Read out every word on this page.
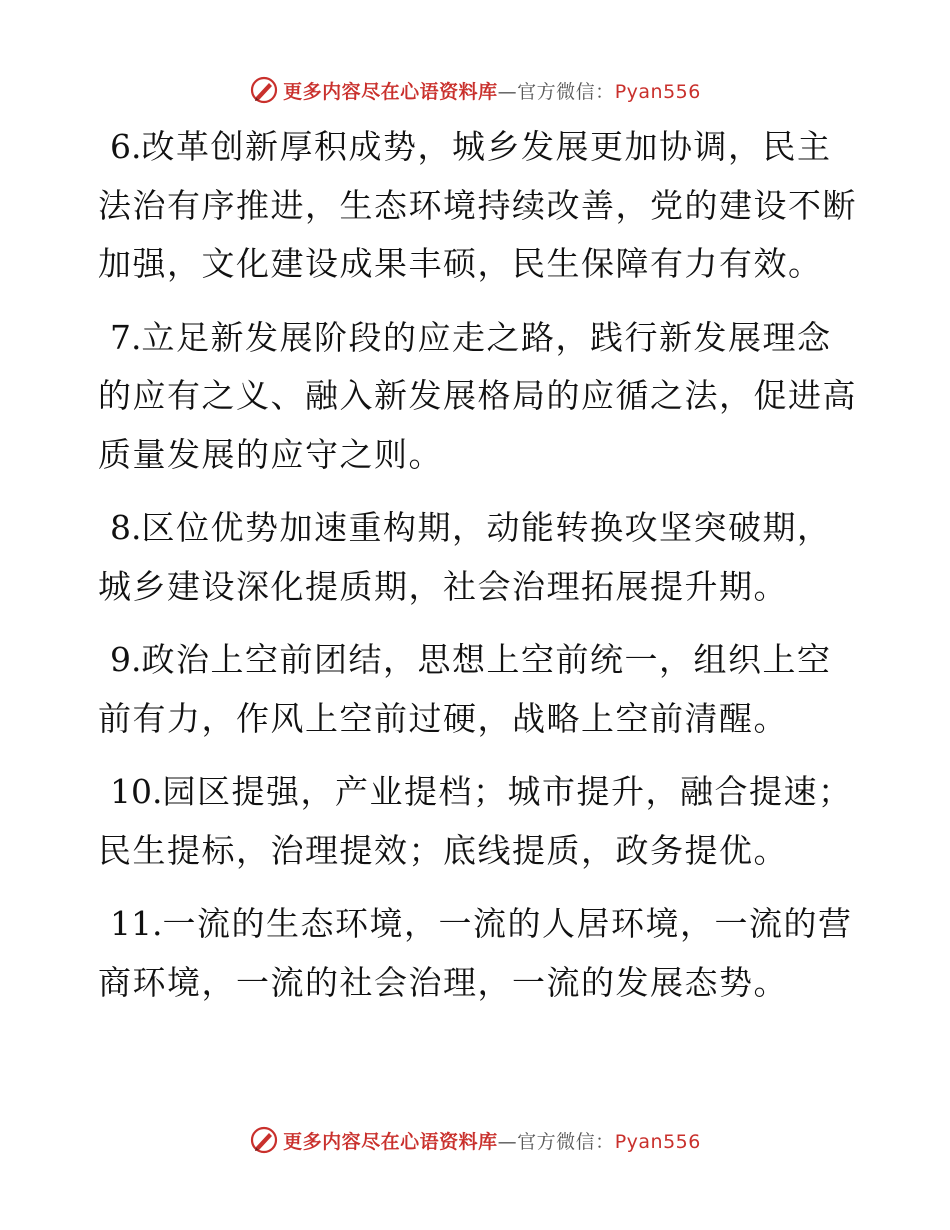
更多内容尽在心语资料库—官方微信：Pyan556

6.改革创新厚积成势，城乡发展更加协调，民主法治有序推进，生态环境持续改善，党的建设不断加强，文化建设成果丰硕，民生保障有力有效。

7.立足新发展阶段的应走之路，践行新发展理念的应有之义、融入新发展格局的应循之法，促进高质量发展的应守之则。

8.区位优势加速重构期，动能转换攻坚突破期，城乡建设深化提质期，社会治理拓展提升期。

9.政治上空前团结，思想上空前统一，组织上空前有力，作风上空前过硬，战略上空前清醒。

10.园区提强，产业提档；城市提升，融合提速；民生提标，治理提效；底线提质，政务提优。

11.一流的生态环境，一流的人居环境，一流的营商环境，一流的社会治理，一流的发展态势。

更多内容尽在心语资料库—官方微信：Pyan556
